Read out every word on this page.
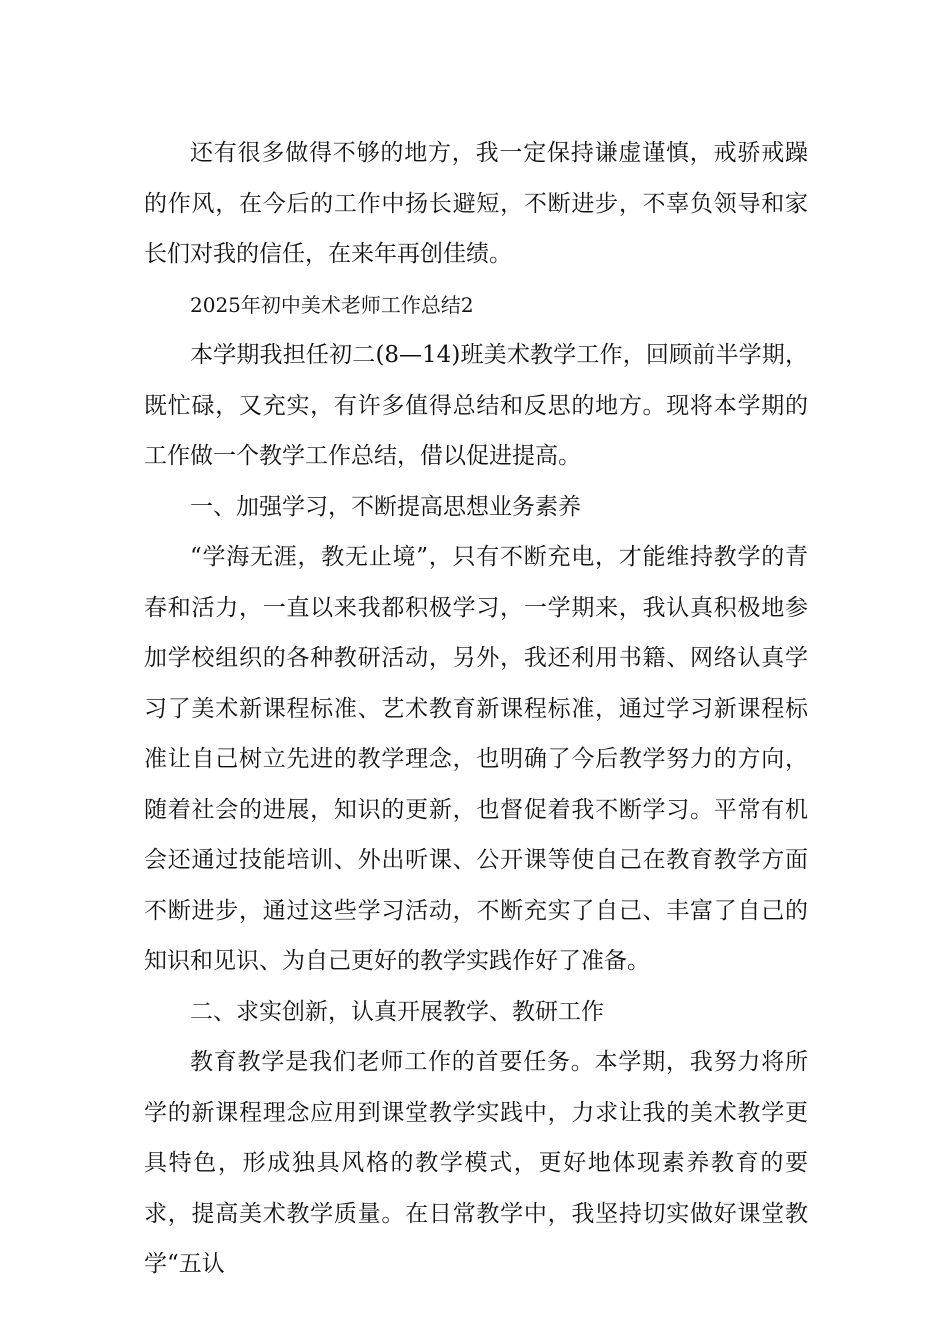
还有很多做得不够的地方，我一定保持谦虚谨慎，戒骄戒躁的作风，在今后的工作中扬长避短，不断进步，不辜负领导和家长们对我的信任，在来年再创佳绩。

2025年初中美术老师工作总结2

本学期我担任初二(8—14)班美术教学工作，回顾前半学期，既忙碌，又充实，有许多值得总结和反思的地方。现将本学期的工作做一个教学工作总结，借以促进提高。

一、加强学习，不断提高思想业务素养

“学海无涯，教无止境”，只有不断充电，才能维持教学的青春和活力，一直以来我都积极学习，一学期来，我认真积极地参加学校组织的各种教研活动，另外，我还利用书籍、网络认真学习了美术新课程标准、艺术教育新课程标准，通过学习新课程标准让自己树立先进的教学理念，也明确了今后教学努力的方向，随着社会的进展，知识的更新，也督促着我不断学习。平常有机会还通过技能培训、外出听课、公开课等使自己在教育教学方面不断进步，通过这些学习活动，不断充实了自己、丰富了自己的知识和见识、为自己更好的教学实践作好了准备。

二、求实创新，认真开展教学、教研工作

教育教学是我们老师工作的首要任务。本学期，我努力将所学的新课程理念应用到课堂教学实践中，力求让我的美术教学更具特色，形成独具风格的教学模式，更好地体现素养教育的要求，提高美术教学质量。在日常教学中，我坚持切实做好课堂教学“五认
